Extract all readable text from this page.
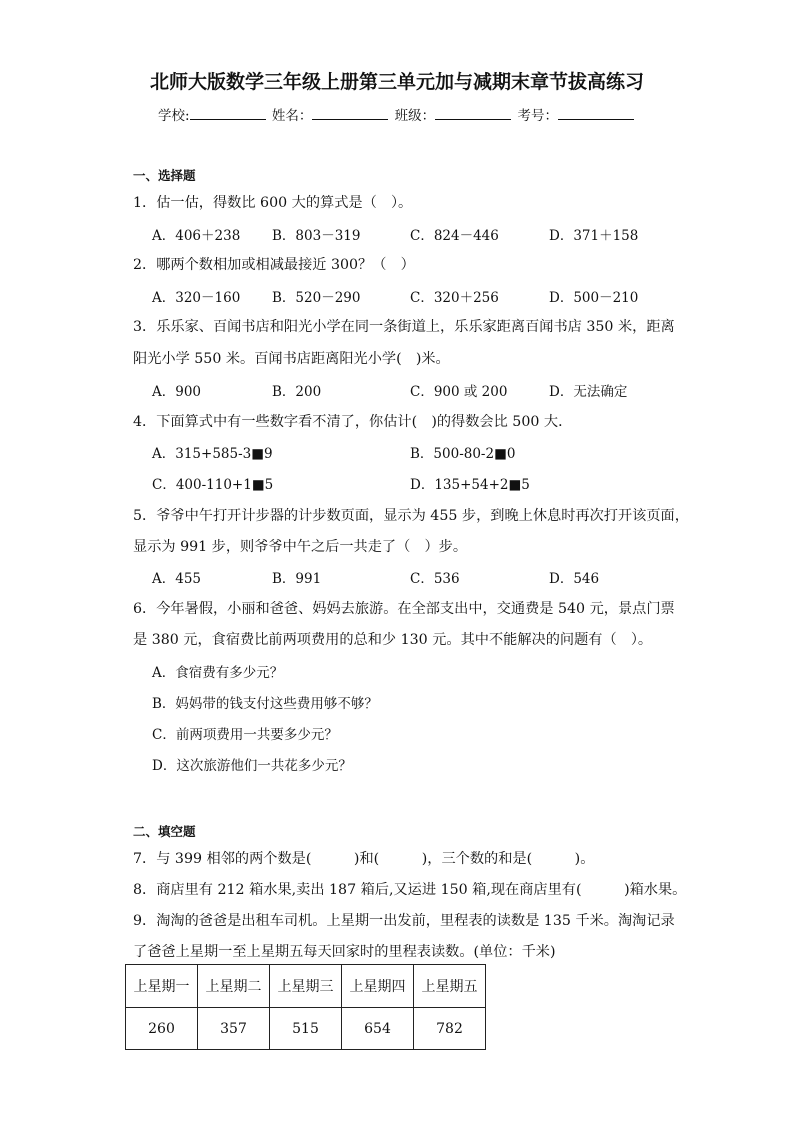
北师大版数学三年级上册第三单元加与减期末章节拔高练习
学校:	姓名：	班级：	考号：
一、选择题
1．估一估，得数比 600 大的算式是（　）。
A．406＋238 B．803－319	C．824－446	D．371＋158
2．哪两个数相加或相减最接近 300？（　）
A．320－160 B．520－290	C．320＋256	D．500－210
3．乐乐家、百闻书店和阳光小学在同一条街道上，乐乐家距离百闻书店 350 米，距离
阳光小学 550 米。百闻书店距离阳光小学(　)米。
A．900	B．200	C．900 或 200	D．无法确定
4．下面算式中有一些数字看不清了，你估计(　)的得数会比 500 大．
A．315+585-3■9	B．500-80-2■0
C．400-110+1■5	D．135+54+2■5
5．爷爷中午打开计步器的计步数页面，显示为 455 步，到晚上休息时再次打开该页面，
显示为 991 步，则爷爷中午之后一共走了（　）步。
A．455	B．991	C．536	D．546
6．今年暑假，小丽和爸爸、妈妈去旅游。在全部支出中，交通费是 540 元，景点门票
是 380 元，食宿费比前两项费用的总和少 130 元。其中不能解决的问题有（　）。
A．食宿费有多少元？
B．妈妈带的钱支付这些费用够不够？
C．前两项费用一共要多少元？
D．这次旅游他们一共花多少元？
二、填空题
7．与 399 相邻的两个数是(　　　)和(　　　)，三个数的和是(　　　)。
8．商店里有 212 箱水果,卖出 187 箱后,又运进 150 箱,现在商店里有(　　　)箱水果。
9．淘淘的爸爸是出租车司机。上星期一出发前，里程表的读数是 135 千米。淘淘记录
了爸爸上星期一至上星期五每天回家时的里程表读数。(单位：千米)
上星期一	上星期二	上星期三	上星期四	上星期五
260	357	515	654	782
